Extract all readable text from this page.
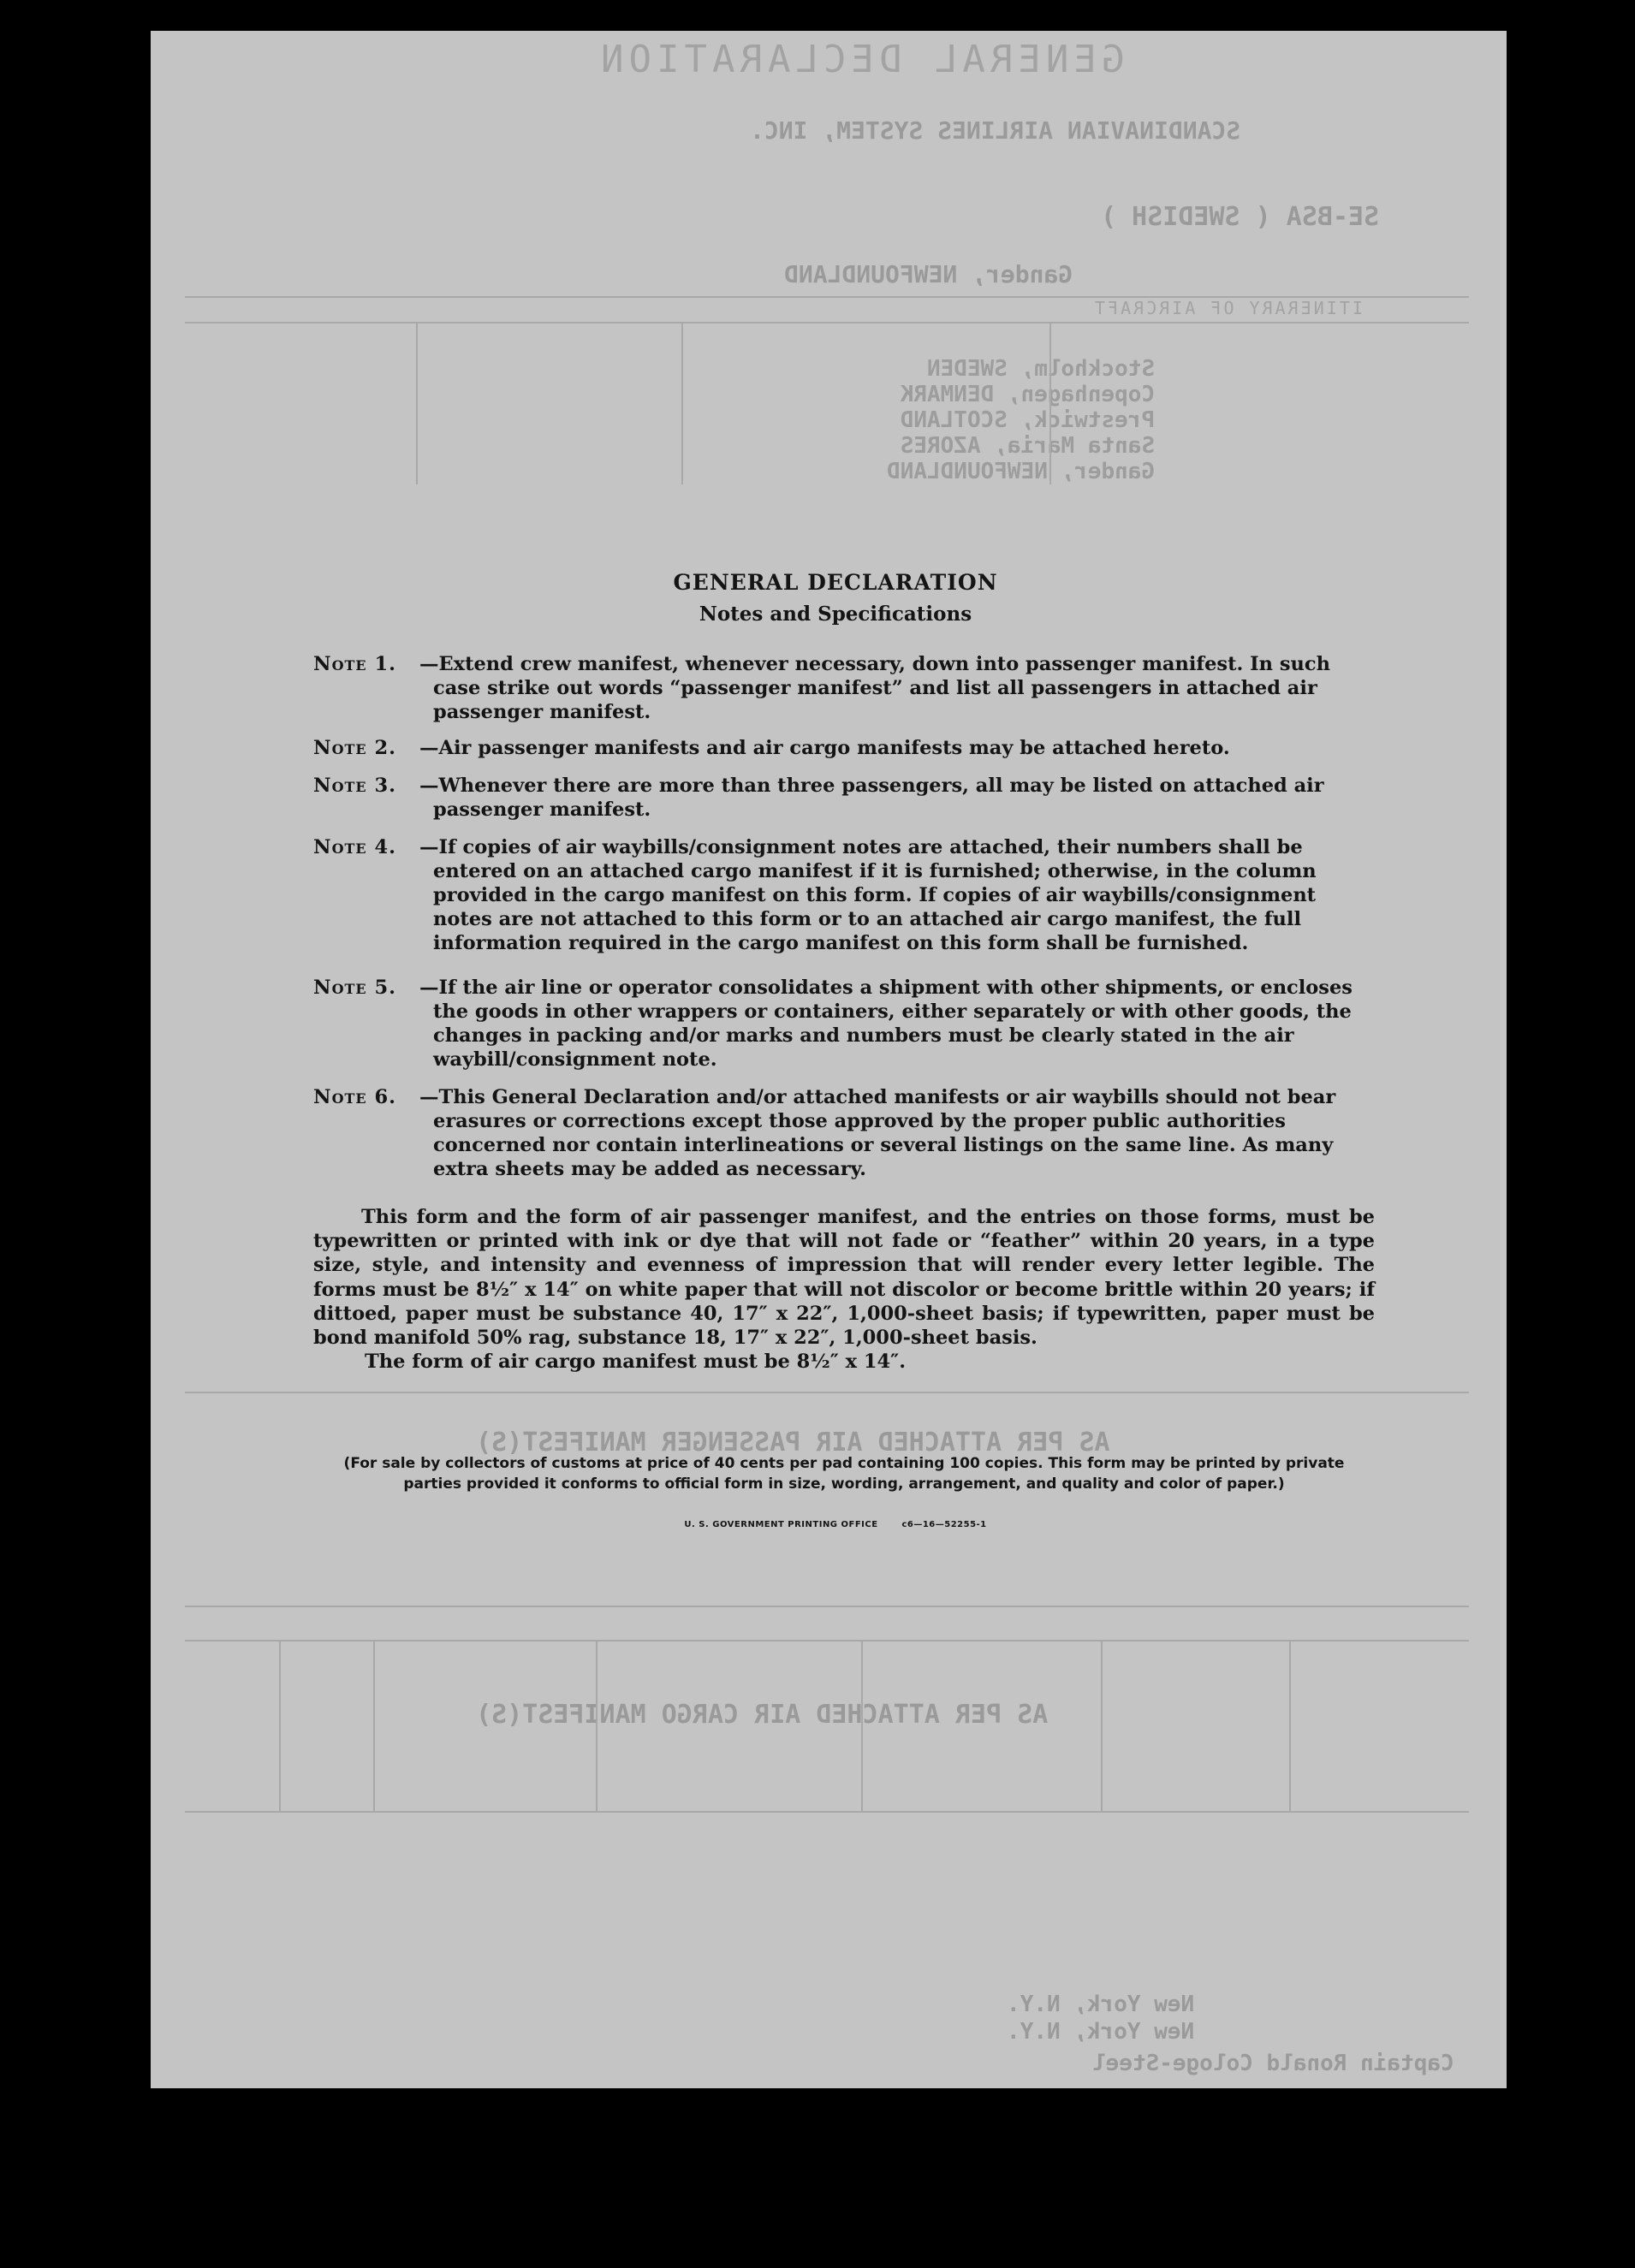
GENERAL DECLARATION
SCANDINAVIAN AIRLINES SYSTEM, INC.
SE-BSA ( SWEDISH )
Gander, NEWFOUNDLAND
ITINERARY OF AIRCRAFT
Stockholm, SWEDEN
Copenhagen, DENMARK
Prestwick, SCOTLAND
Santa Maria, AZORES
Gander, NEWFOUNDLAND
AS PER ATTACHED AIR PASSENGER MANIFEST(S)
AS PER ATTACHED AIR CARGO MANIFEST(S)
New York, N.Y.
New York, N.Y.
Captain Ronald Cologe-Steel
GENERAL DECLARATION
Notes and Specifications
Note 1.	—Extend crew manifest, whenever necessary, down into passenger manifest. In such case strike out words “passenger manifest” and list all passengers in attached air passenger manifest.
Note 2.	—Air passenger manifests and air cargo manifests may be attached hereto.
Note 3.	—Whenever there are more than three passengers, all may be listed on attached air passenger manifest.
Note 4.	—If copies of air waybills/consignment notes are attached, their numbers shall be entered on an attached cargo manifest if it is furnished; otherwise, in the column provided in the cargo manifest on this form. If copies of air waybills/consignment notes are not attached to this form or to an attached air cargo manifest, the full information required in the cargo manifest on this form shall be furnished.
Note 5.	—If the air line or operator consolidates a shipment with other shipments, or encloses the goods in other wrappers or containers, either separately or with other goods, the changes in packing and/or marks and numbers must be clearly stated in the air waybill/consignment note.
Note 6.	—This General Declaration and/or attached manifests or air waybills should not bear erasures or corrections except those approved by the proper public authorities concerned nor contain interlineations or several listings on the same line. As many extra sheets may be added as necessary.
This form and the form of air passenger manifest, and the entries on those forms, must be typewritten or printed with ink or dye that will not fade or “feather” within 20 years, in a type size, style, and intensity and evenness of impression that will render every letter legible. The forms must be 8½″ x 14″ on white paper that will not discolor or become brittle within 20 years; if dittoed, paper must be substance 40, 17″ x 22″, 1,000-sheet basis; if typewritten, paper must be bond manifold 50% rag, substance 18, 17″ x 22″, 1,000-sheet basis.
The form of air cargo manifest must be 8½″ x 14″.
(For sale by collectors of customs at price of 40 cents per pad containing 100 copies. This form may be printed by private parties provided it conforms to official form in size, wording, arrangement, and quality and color of paper.)
U. S. GOVERNMENT PRINTING OFFICE	c6—16—52255-1
